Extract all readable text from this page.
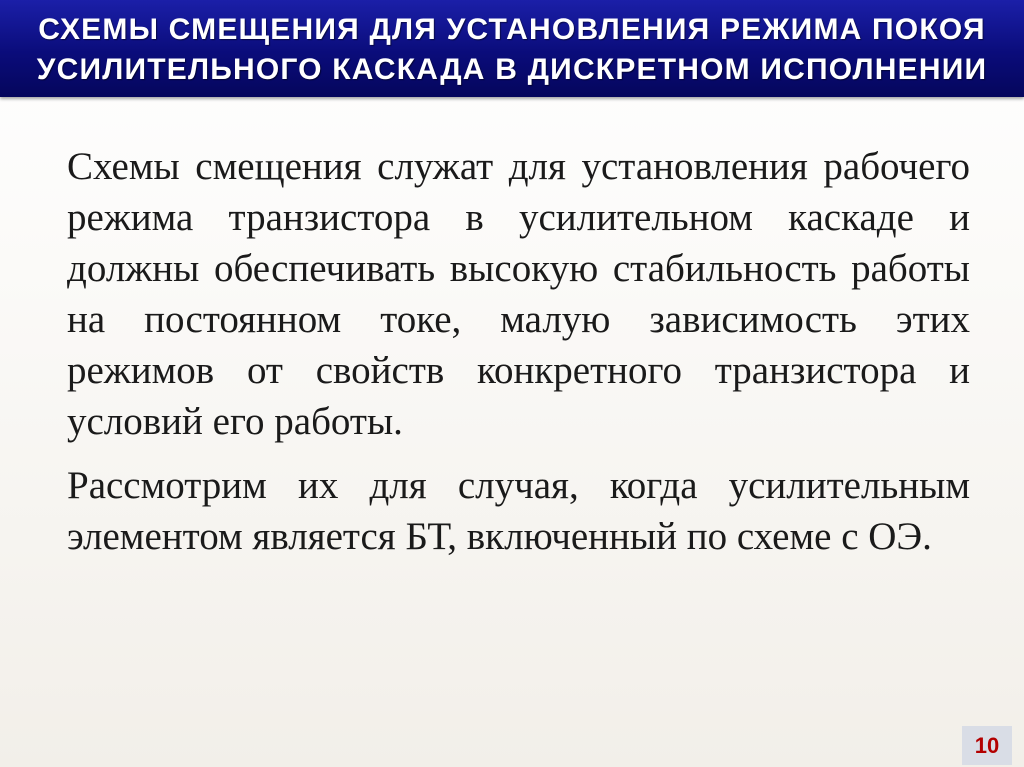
СХЕМЫ СМЕЩЕНИЯ ДЛЯ УСТАНОВЛЕНИЯ РЕЖИМА ПОКОЯ
УСИЛИТЕЛЬНОГО КАСКАДА В ДИСКРЕТНОМ ИСПОЛНЕНИИ

Схемы смещения служат для установления рабочего режима транзистора в усилительном каскаде и должны обеспечивать высокую стабильность работы на постоянном токе, малую зависимость этих режимов от свойств конкретного транзистора и условий его работы.

Рассмотрим их для случая, когда усилительным элементом является БТ, включенный по схеме с ОЭ.

10
